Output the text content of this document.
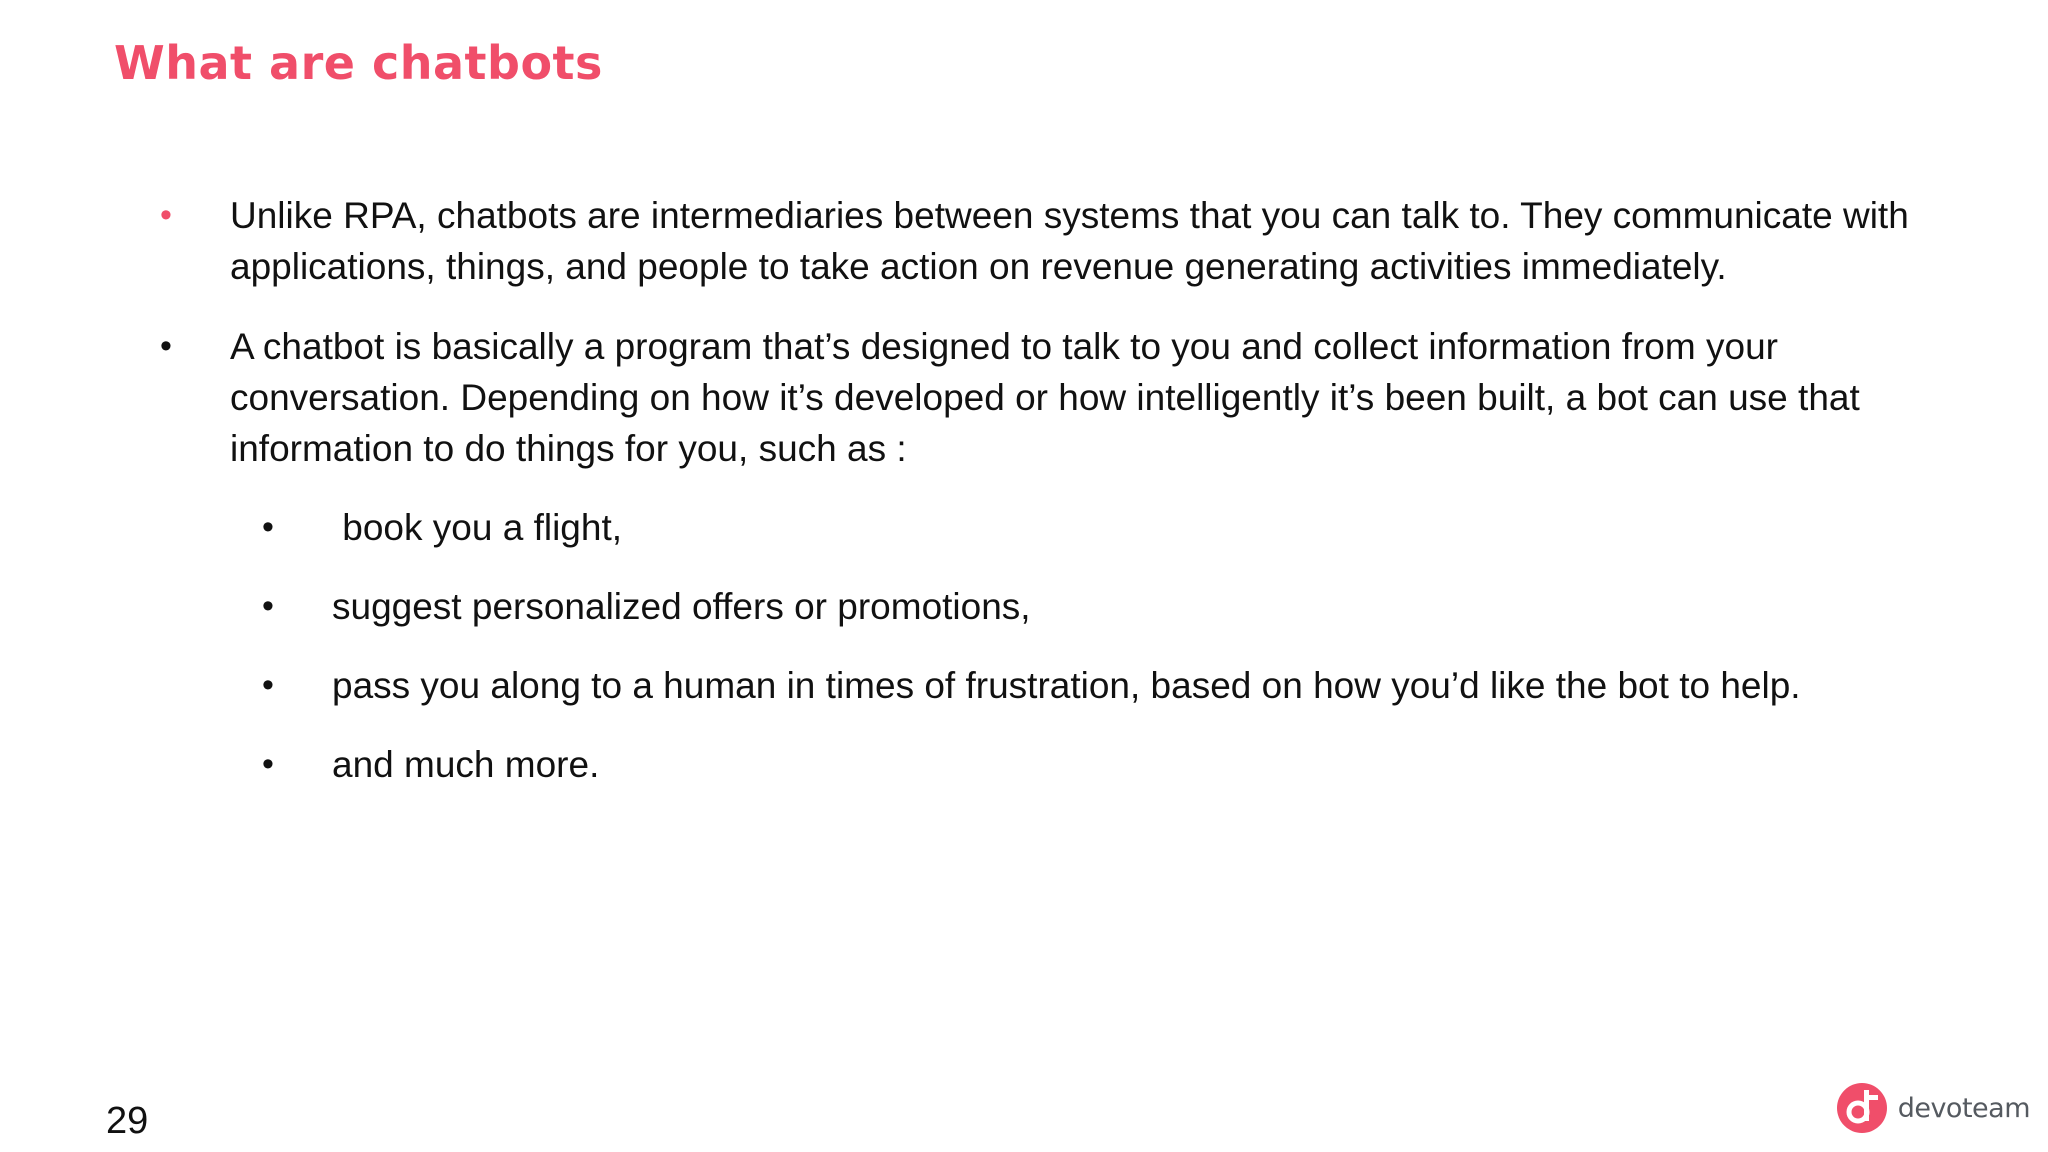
What are chatbots
• Unlike RPA, chatbots are intermediaries between systems that you can talk to. They communicate with applications, things, and people to take action on revenue generating activities immediately.
• A chatbot is basically a program that’s designed to talk to you and collect information from your conversation. Depending on how it’s developed or how intelligently it’s been built, a bot can use that information to do things for you, such as :
• book you a flight,
• suggest personalized offers or promotions,
• pass you along to a human in times of frustration, based on how you’d like the bot to help.
• and much more.
29	devoteam
